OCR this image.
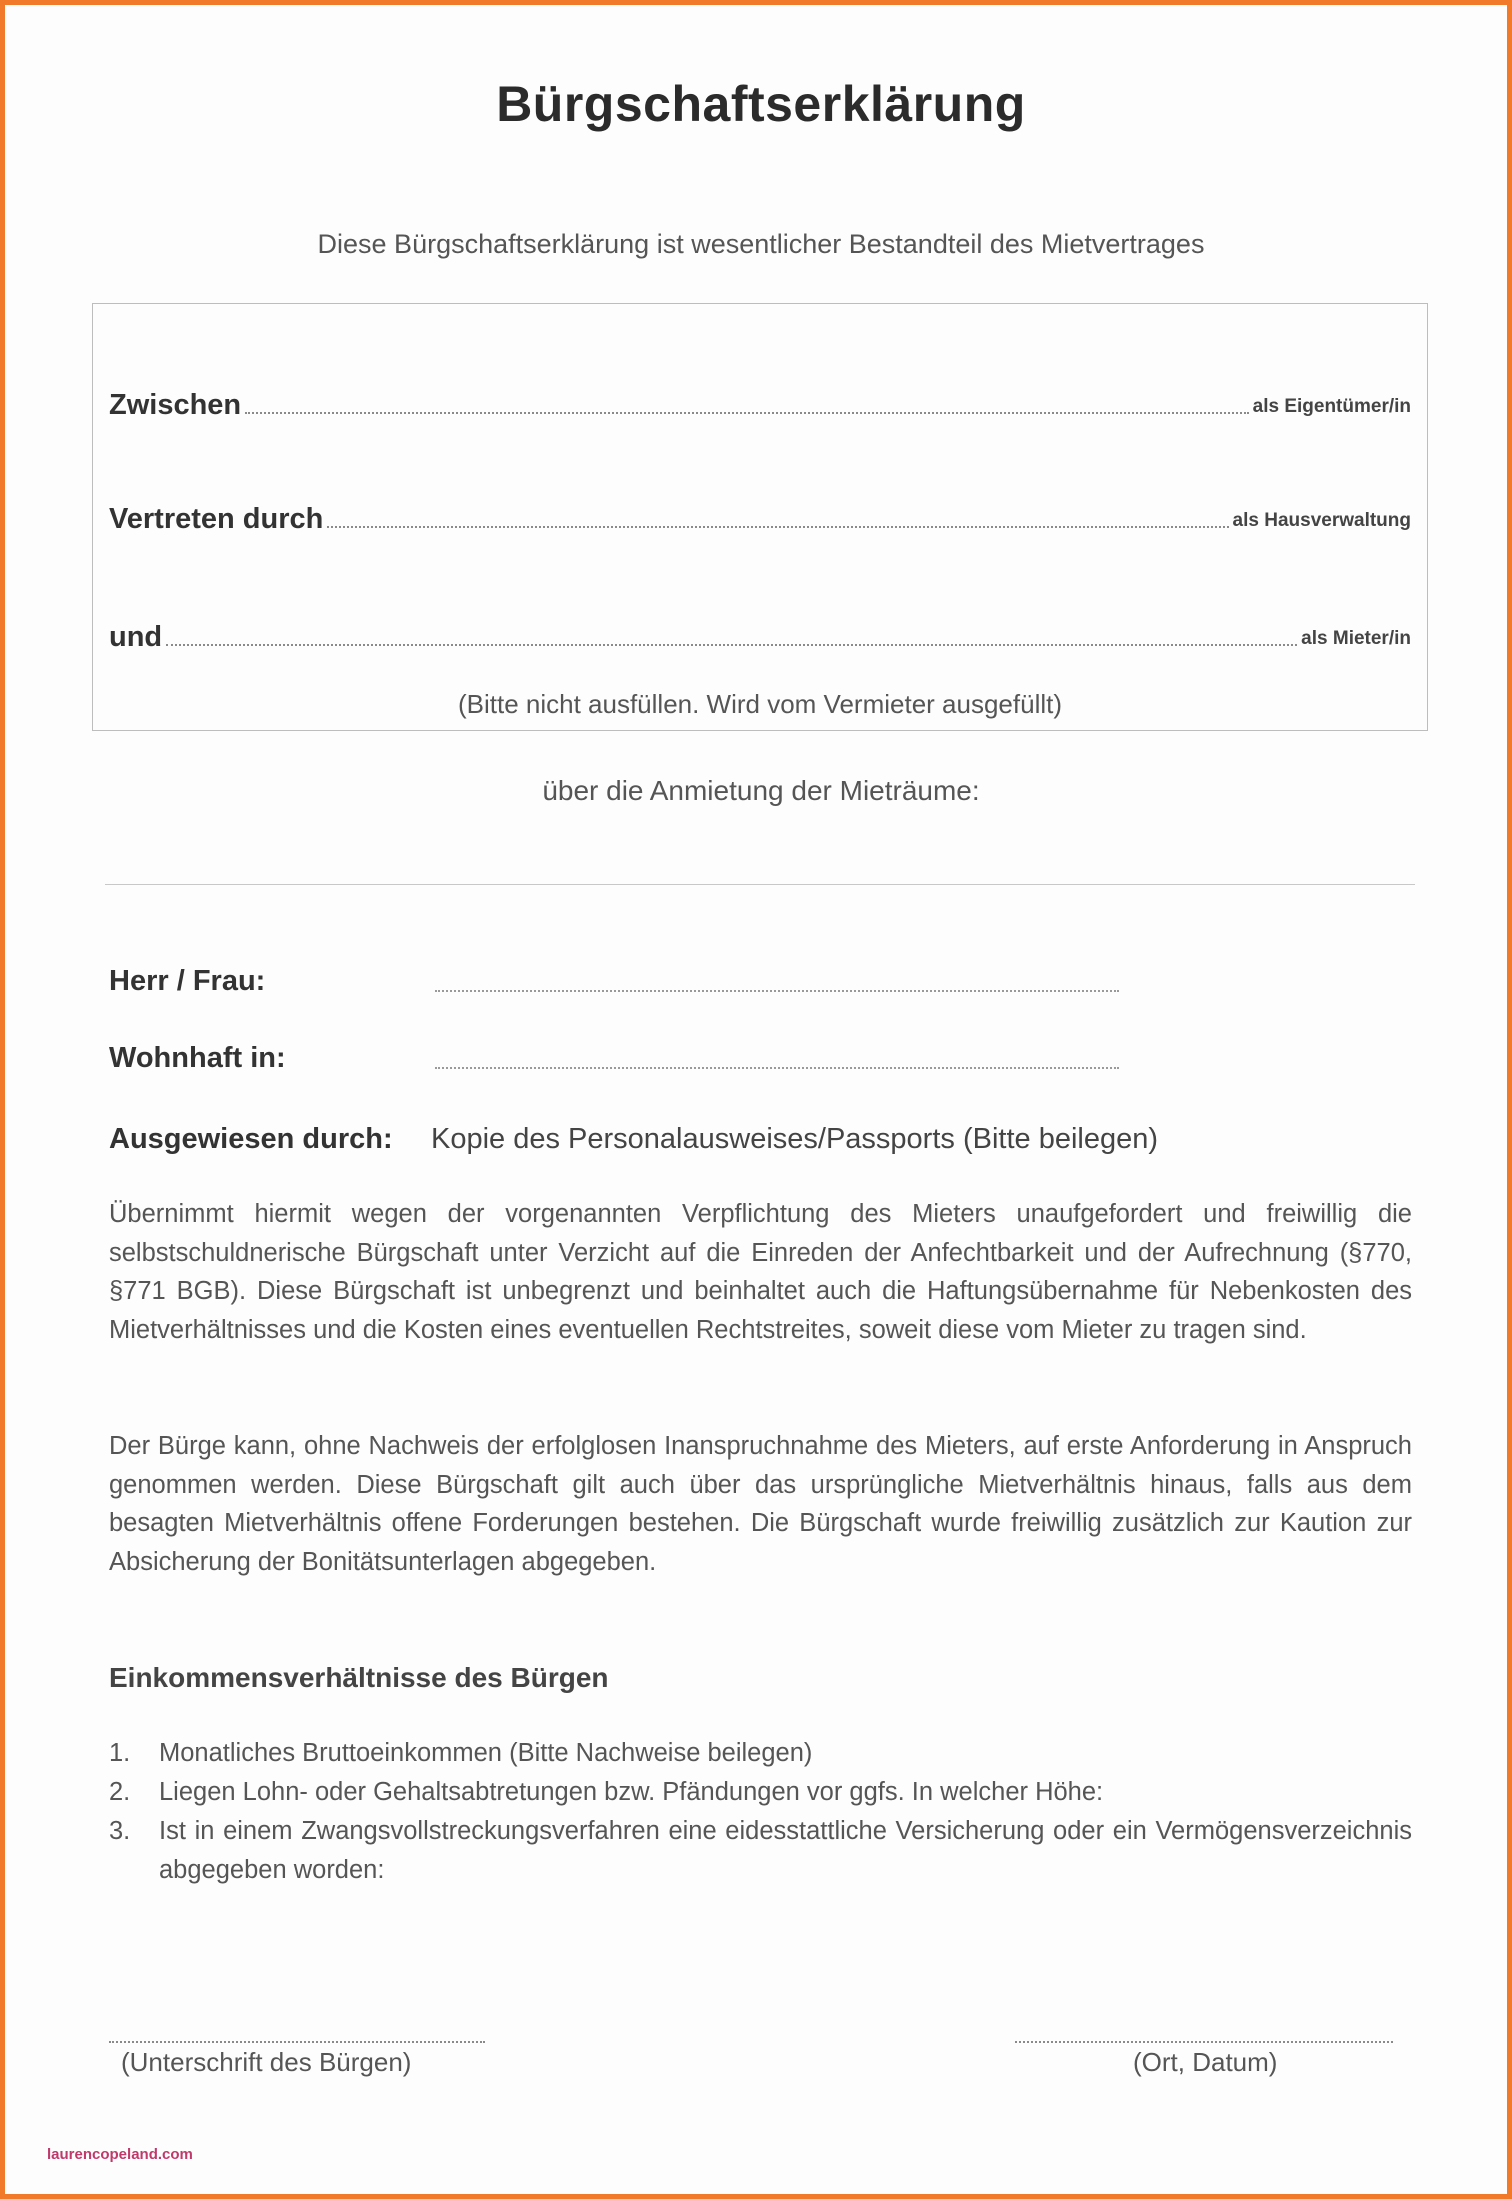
Bürgschaftserklärung
Diese Bürgschaftserklärung ist wesentlicher Bestandteil des Mietvertrages
Zwischen	als Eigentümer/in
Vertreten durch	als Hausverwaltung
und	als Mieter/in
(Bitte nicht ausfüllen. Wird vom Vermieter ausgefüllt)
über die Anmietung der Mieträume:
Herr / Frau:
Wohnhaft in:
Ausgewiesen durch: Kopie des Personalausweises/Passports (Bitte beilegen)

Übernimmt hiermit wegen der vorgenannten Verpflichtung des Mieters unaufgefordert und freiwillig die selbstschuldnerische Bürgschaft unter Verzicht auf die Einreden der Anfechtbarkeit und der Aufrechnung (§770, §771 BGB). Diese Bürgschaft ist unbegrenzt und beinhaltet auch die Haftungsübernahme für Nebenkosten des Mietverhältnisses und die Kosten eines eventuellen Rechtstreites, soweit diese vom Mieter zu tragen sind.

Der Bürge kann, ohne Nachweis der erfolglosen Inanspruchnahme des Mieters, auf erste Anforderung in Anspruch genommen werden. Diese Bürgschaft gilt auch über das ursprüngliche Mietverhältnis hinaus, falls aus dem besagten Mietverhältnis offene Forderungen bestehen. Die Bürgschaft wurde freiwillig zusätzlich zur Kaution zur Absicherung der Bonitätsunterlagen abgegeben.

Einkommensverhältnisse des Bürgen
1. Monatliches Bruttoeinkommen (Bitte Nachweise beilegen)
2. Liegen Lohn- oder Gehaltsabtretungen bzw. Pfändungen vor ggfs. In welcher Höhe:
3. Ist in einem Zwangsvollstreckungsverfahren eine eidesstattliche Versicherung oder ein Vermögensverzeichnis abgegeben worden:
(Unterschrift des Bürgen)	(Ort, Datum)
laurencopeland.com
